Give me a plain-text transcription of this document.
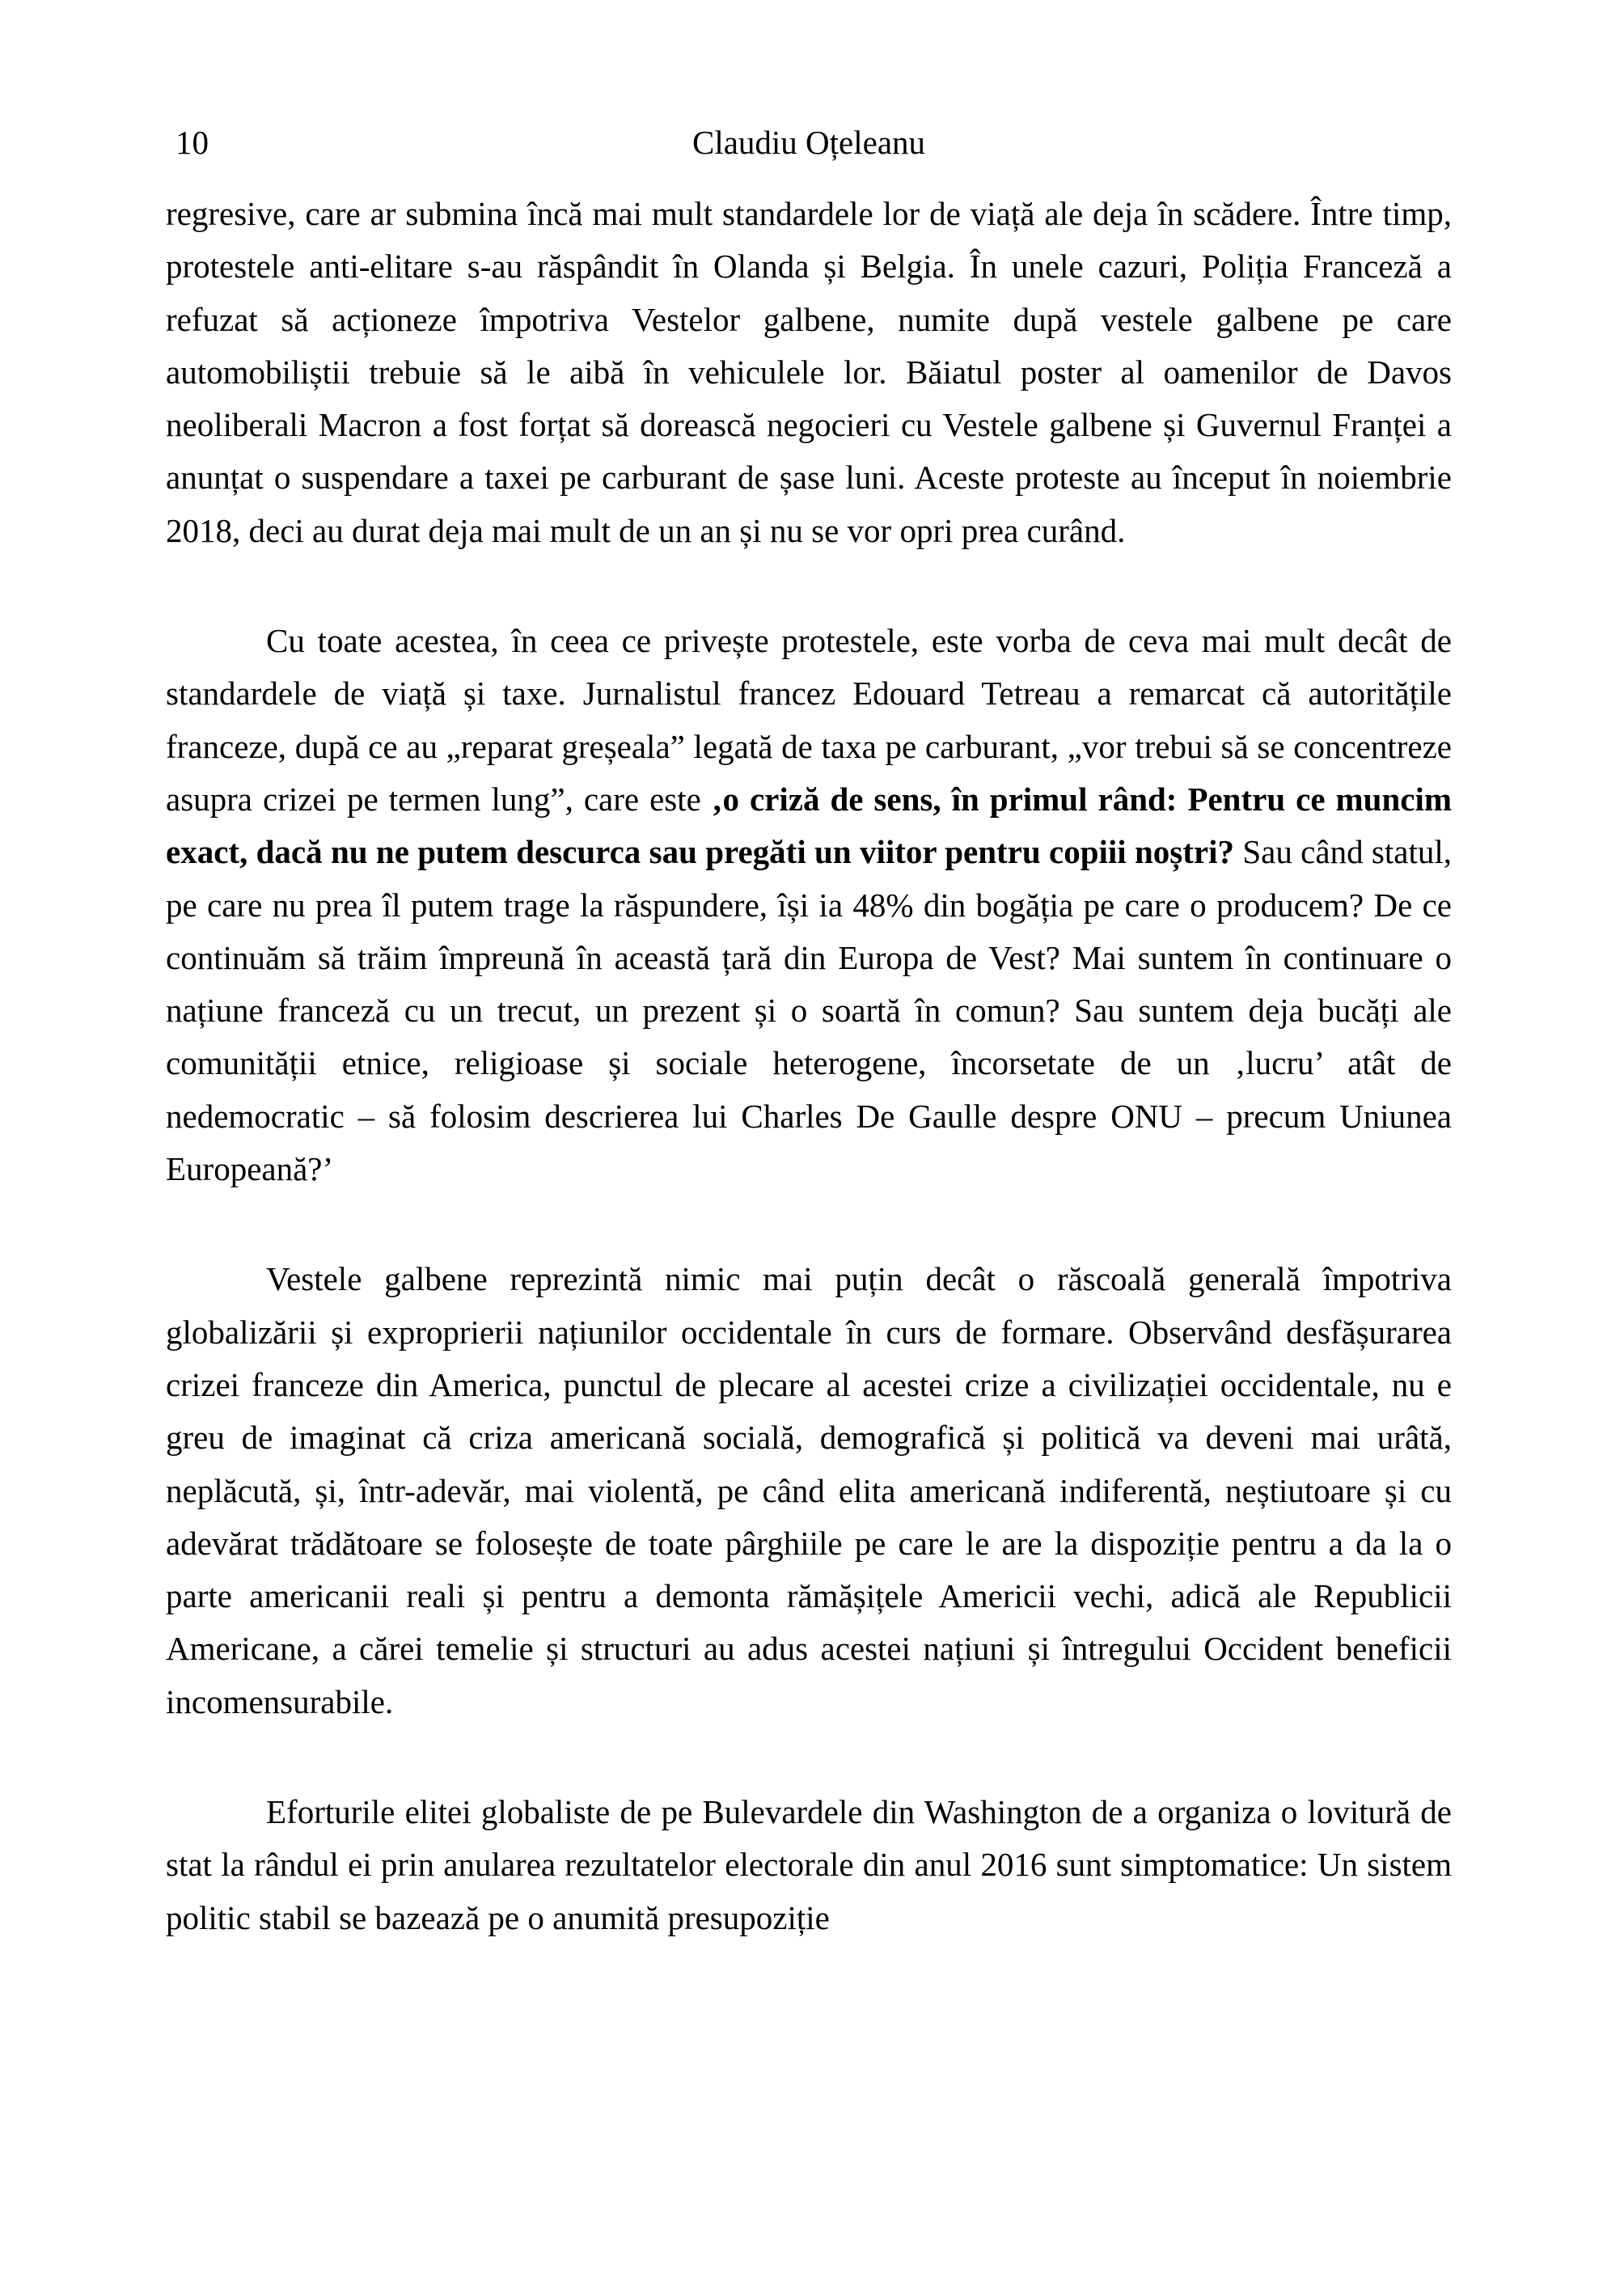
10	Claudiu Oțeleanu

regresive, care ar submina încă mai mult standardele lor de viață ale deja în scădere. Între timp, protestele anti-elitare s-au răspândit în Olanda și Belgia. În unele cazuri, Poliția Franceză a refuzat să acționeze împotriva Vestelor galbene, numite după vestele galbene pe care automobiliștii trebuie să le aibă în vehiculele lor. Băiatul poster al oamenilor de Davos neoliberali Macron a fost forțat să dorească negocieri cu Vestele galbene și Guvernul Franței a anunțat o suspendare a taxei pe carburant de șase luni. Aceste proteste au început în noiembrie 2018, deci au durat deja mai mult de un an și nu se vor opri prea curând.

Cu toate acestea, în ceea ce privește protestele, este vorba de ceva mai mult decât de standardele de viață și taxe. Jurnalistul francez Edouard Tetreau a remarcat că autoritățile franceze, după ce au „reparat greșeala” legată de taxa pe carburant, „vor trebui să se concentreze asupra crizei pe termen lung”, care este ‚o criză de sens, în primul rând: Pentru ce muncim exact, dacă nu ne putem descurca sau pregăti un viitor pentru copiii noștri? Sau când statul, pe care nu prea îl putem trage la răspundere, își ia 48% din bogăția pe care o producem? De ce continuăm să trăim împreună în această țară din Europa de Vest? Mai suntem în continuare o națiune franceză cu un trecut, un prezent și o soartă în comun? Sau suntem deja bucăți ale comunității etnice, religioase și sociale heterogene, încorsetate de un ‚lucru’ atât de nedemocratic – să folosim descrierea lui Charles De Gaulle despre ONU – precum Uniunea Europeană?’

Vestele galbene reprezintă nimic mai puțin decât o răscoală generală împotriva globalizării și exproprierii națiunilor occidentale în curs de formare. Observând desfășurarea crizei franceze din America, punctul de plecare al acestei crize a civilizației occidentale, nu e greu de imaginat că criza americană socială, demografică și politică va deveni mai urâtă, neplăcută, și, într-adevăr, mai violentă, pe când elita americană indiferentă, neștiutoare și cu adevărat trădătoare se folosește de toate pârghiile pe care le are la dispoziție pentru a da la o parte americanii reali și pentru a demonta rămășițele Americii vechi, adică ale Republicii Americane, a cărei temelie și structuri au adus acestei națiuni și întregului Occident beneficii incomensurabile.

Eforturile elitei globaliste de pe Bulevardele din Washington de a organiza o lovitură de stat la rândul ei prin anularea rezultatelor electorale din anul 2016 sunt simptomatice: Un sistem politic stabil se bazează pe o anumită presupoziție
